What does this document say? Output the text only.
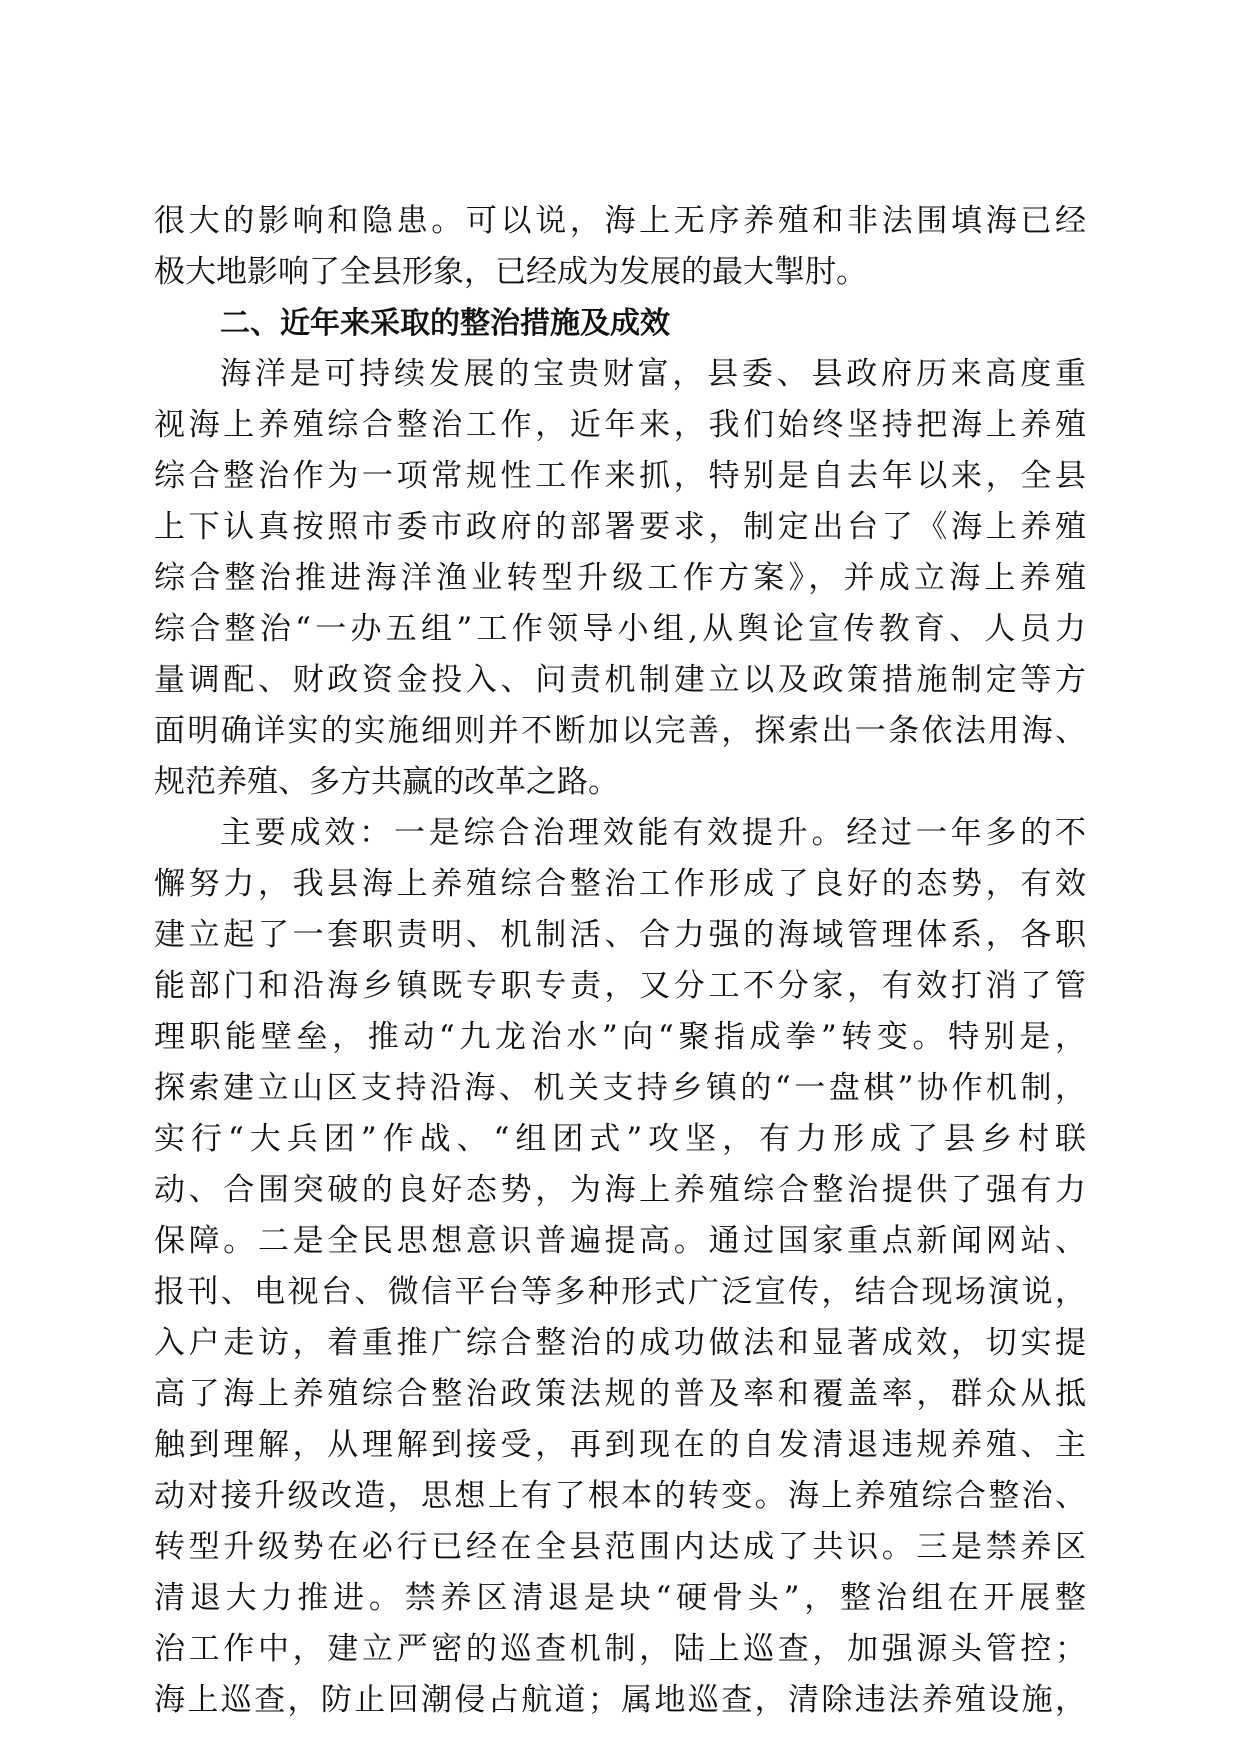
很大的影响和隐患。可以说，海上无序养殖和非法围填海已经
极大地影响了全县形象，已经成为发展的最大掣肘。
二、近年来采取的整治措施及成效
海洋是可持续发展的宝贵财富，县委、县政府历来高度重
视海上养殖综合整治工作，近年来，我们始终坚持把海上养殖
综合整治作为一项常规性工作来抓，特别是自去年以来，全县
上下认真按照市委市政府的部署要求，制定出台了《海上养殖
综合整治推进海洋渔业转型升级工作方案》，并成立海上养殖
综合整治“一办五组”工作领导小组,从舆论宣传教育、人员力
量调配、财政资金投入、问责机制建立以及政策措施制定等方
面明确详实的实施细则并不断加以完善，探索出一条依法用海、
规范养殖、多方共赢的改革之路。
主要成效：一是综合治理效能有效提升。经过一年多的不
懈努力，我县海上养殖综合整治工作形成了良好的态势，有效
建立起了一套职责明、机制活、合力强的海域管理体系，各职
能部门和沿海乡镇既专职专责，又分工不分家，有效打消了管
理职能壁垒，推动“九龙治水”向“聚指成拳”转变。特别是，
探索建立山区支持沿海、机关支持乡镇的“一盘棋”协作机制，
实行“大兵团”作战、“组团式”攻坚，有力形成了县乡村联
动、合围突破的良好态势，为海上养殖综合整治提供了强有力
保障。二是全民思想意识普遍提高。通过国家重点新闻网站、
报刊、电视台、微信平台等多种形式广泛宣传，结合现场演说，
入户走访，着重推广综合整治的成功做法和显著成效，切实提
高了海上养殖综合整治政策法规的普及率和覆盖率，群众从抵
触到理解，从理解到接受，再到现在的自发清退违规养殖、主
动对接升级改造，思想上有了根本的转变。海上养殖综合整治、
转型升级势在必行已经在全县范围内达成了共识。三是禁养区
清退大力推进。禁养区清退是块“硬骨头”，整治组在开展整
治工作中，建立严密的巡查机制，陆上巡查，加强源头管控；
海上巡查，防止回潮侵占航道；属地巡查，清除违法养殖设施，
